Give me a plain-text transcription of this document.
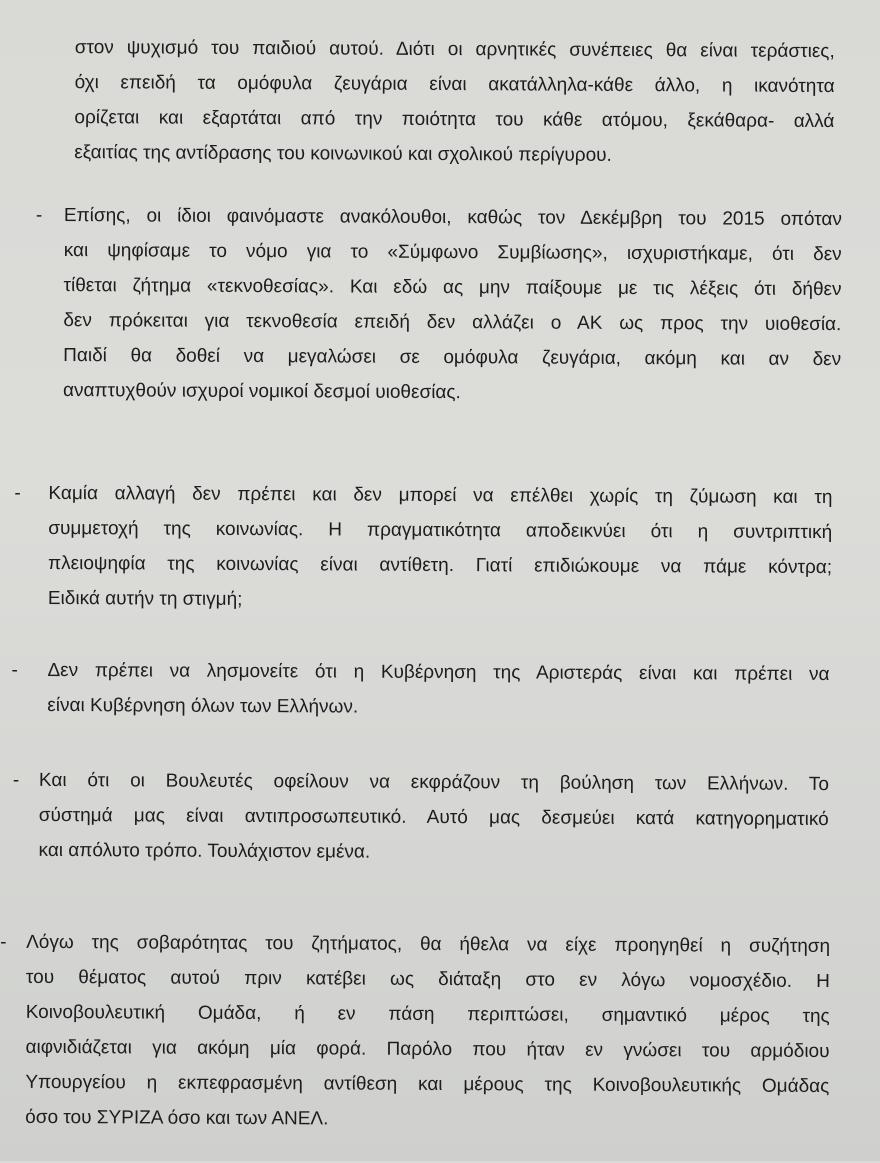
στον ψυχισμό του παιδιού αυτού. Διότι οι αρνητικές συνέπειες θα είναι τεράστιες,
όχι επειδή τα ομόφυλα ζευγάρια είναι ακατάλληλα-κάθε άλλο, η ικανότητα
ορίζεται και εξαρτάται από την ποιότητα του κάθε ατόμου, ξεκάθαρα- αλλά
εξαιτίας της αντίδρασης του κοινωνικού και σχολικού περίγυρου.
- Επίσης, οι ίδιοι φαινόμαστε ανακόλουθοι, καθώς τον Δεκέμβρη του 2015 οπόταν
και ψηφίσαμε το νόμο για το «Σύμφωνο Συμβίωσης», ισχυριστήκαμε, ότι δεν
τίθεται ζήτημα «τεκνοθεσίας». Και εδώ ας μην παίξουμε με τις λέξεις ότι δήθεν
δεν πρόκειται για τεκνοθεσία επειδή δεν αλλάζει ο ΑΚ ως προς την υιοθεσία.
Παιδί θα δοθεί να μεγαλώσει σε ομόφυλα ζευγάρια, ακόμη και αν δεν
αναπτυχθούν ισχυροί νομικοί δεσμοί υιοθεσίας.
- Καμία αλλαγή δεν πρέπει και δεν μπορεί να επέλθει χωρίς τη ζύμωση και τη
συμμετοχή της κοινωνίας. Η πραγματικότητα αποδεικνύει ότι η συντριπτική
πλειοψηφία της κοινωνίας είναι αντίθετη. Γιατί επιδιώκουμε να πάμε κόντρα;
Ειδικά αυτήν τη στιγμή;
- Δεν πρέπει να λησμονείτε ότι η Κυβέρνηση της Αριστεράς είναι και πρέπει να
είναι Κυβέρνηση όλων των Ελλήνων.
- Και ότι οι Βουλευτές οφείλουν να εκφράζουν τη βούληση των Ελλήνων. Το
σύστημά μας είναι αντιπροσωπευτικό. Αυτό μας δεσμεύει κατά κατηγορηματικό
και απόλυτο τρόπο. Τουλάχιστον εμένα.
- Λόγω της σοβαρότητας του ζητήματος, θα ήθελα να είχε προηγηθεί η συζήτηση
του θέματος αυτού πριν κατέβει ως διάταξη στο εν λόγω νομοσχέδιο. Η
Κοινοβουλευτική Ομάδα, ή εν πάση περιπτώσει, σημαντικό μέρος της
αιφνιδιάζεται για ακόμη μία φορά. Παρόλο που ήταν εν γνώσει του αρμόδιου
Υπουργείου η εκπεφρασμένη αντίθεση και μέρους της Κοινοβουλευτικής Ομάδας
όσο του ΣΥΡΙΖΑ όσο και των ΑΝΕΛ.
